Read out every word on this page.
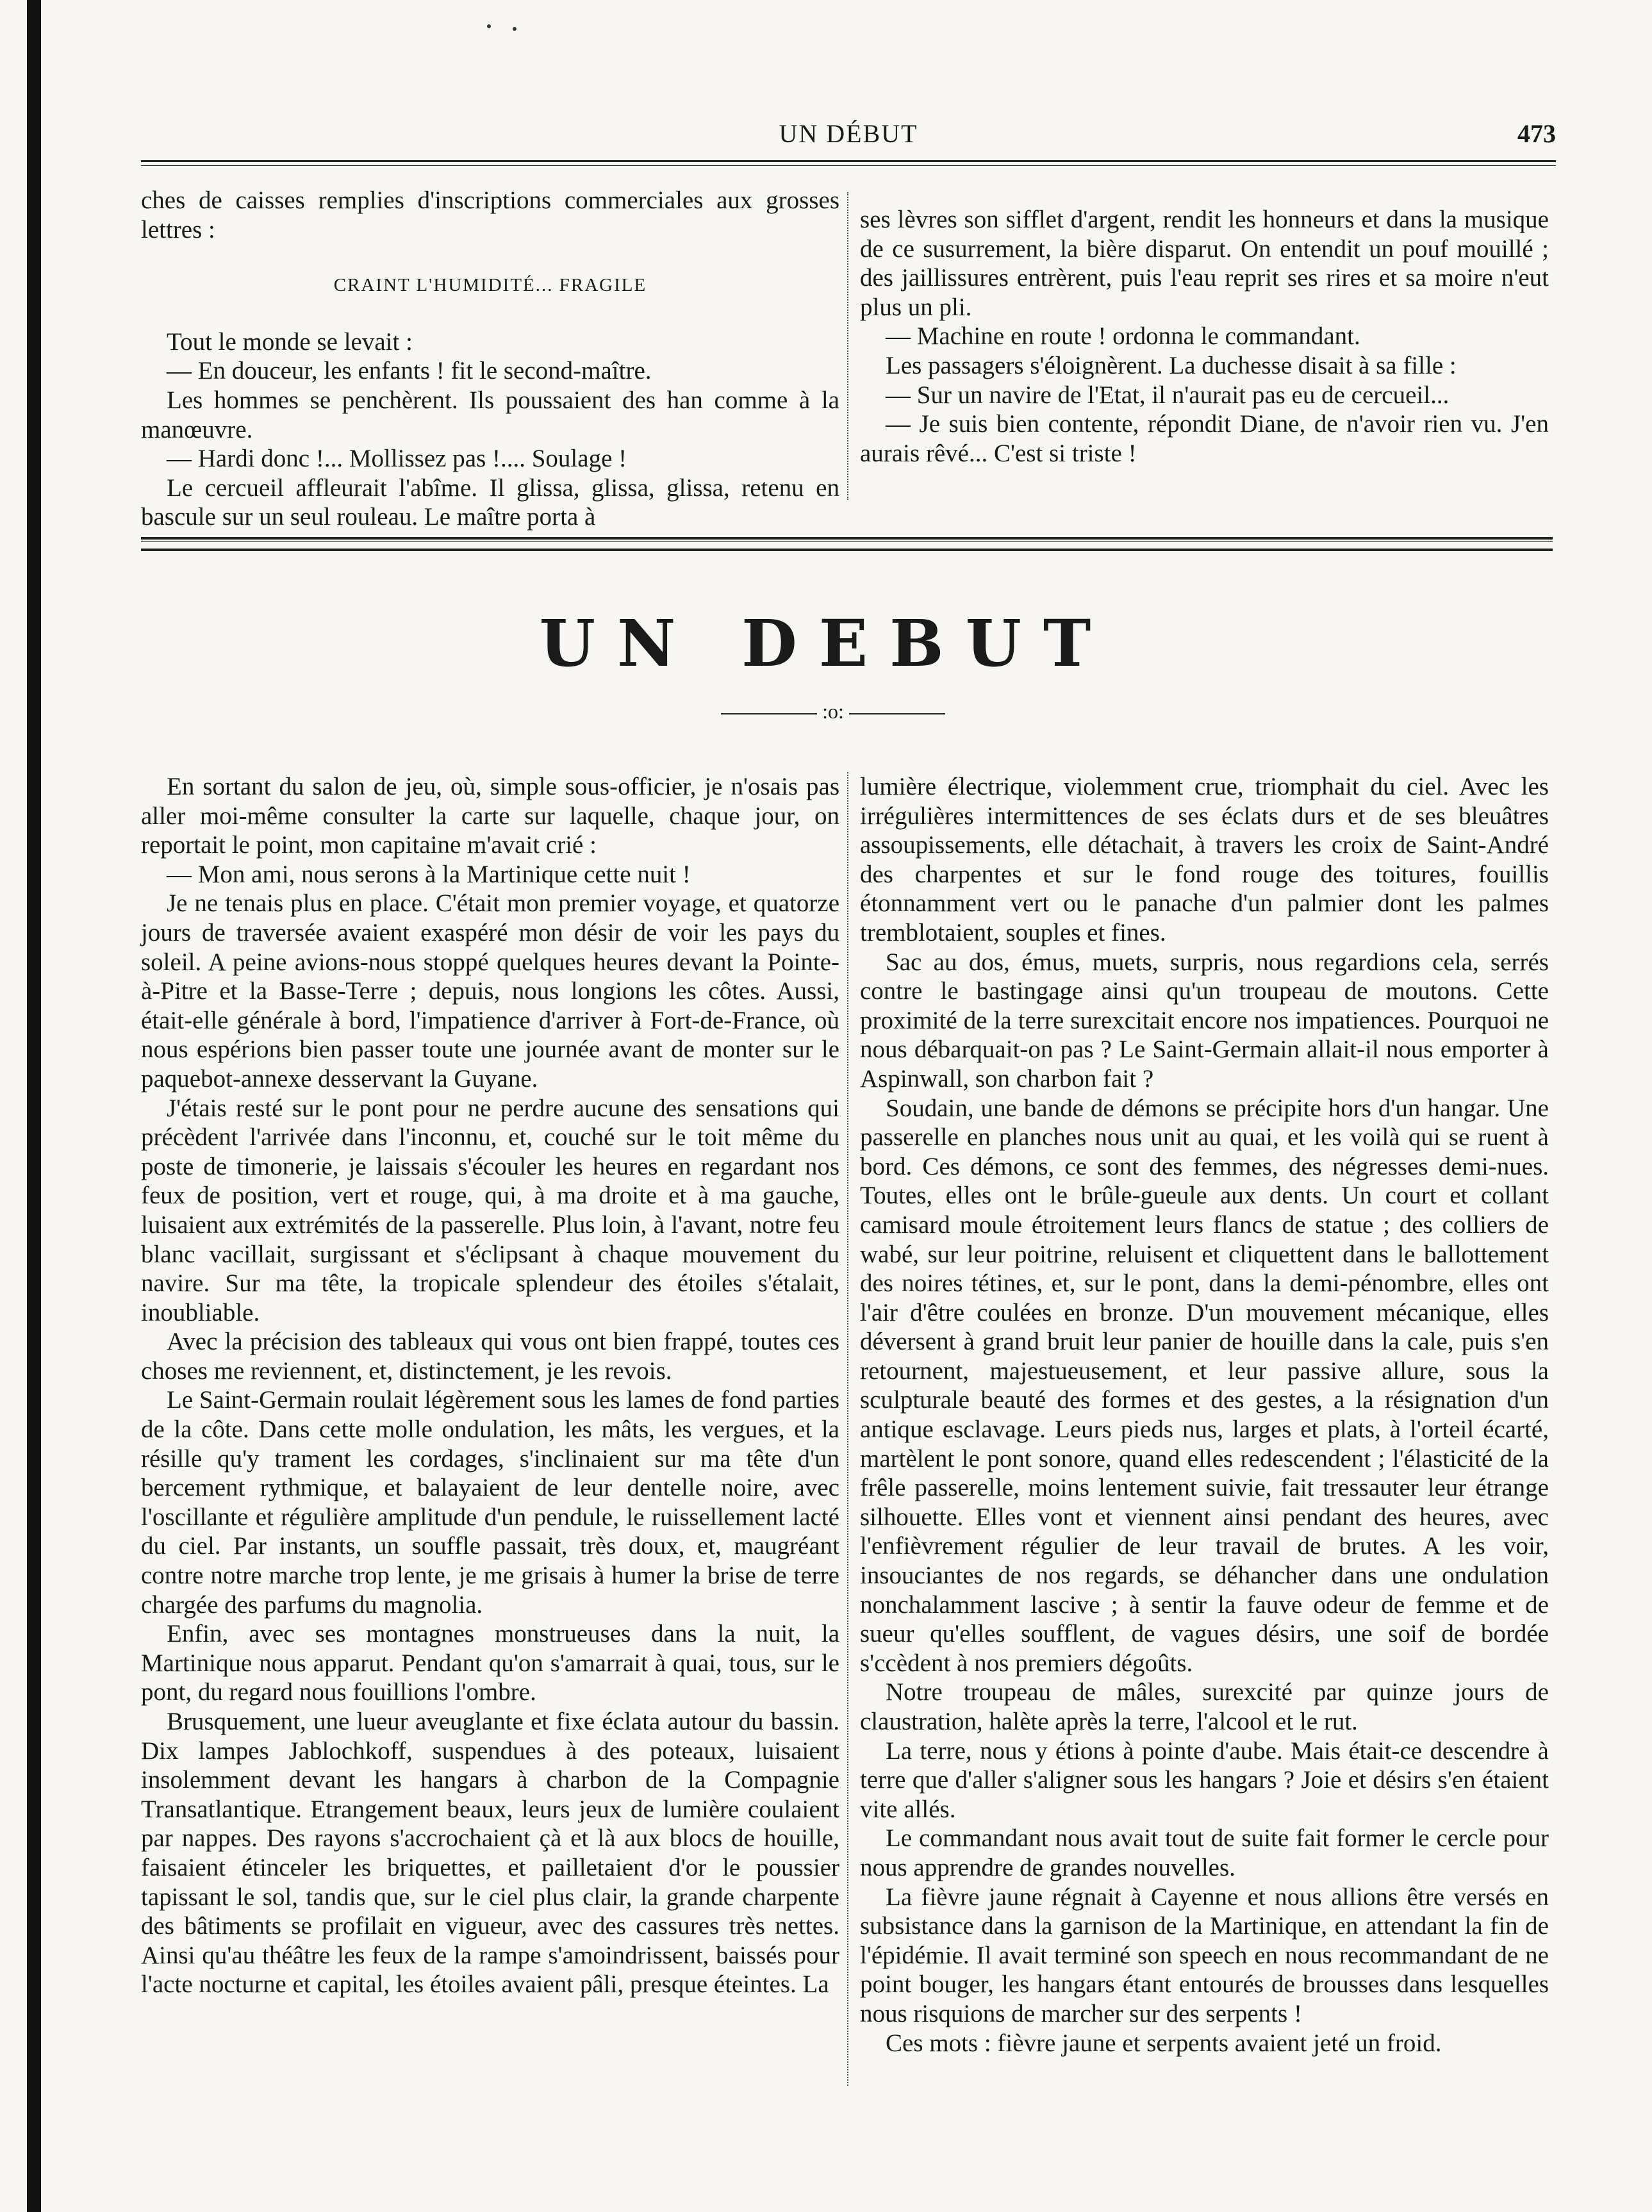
UN DÉBUT	473

ches de caisses remplies d'inscriptions commerciales aux grosses lettres :

CRAINT L'HUMIDITÉ... FRAGILE

Tout le monde se levait :

— En douceur, les enfants ! fit le second-maître.

Les hommes se penchèrent. Ils poussaient des han comme à la manœuvre.

— Hardi donc !... Mollissez pas !.... Soulage !

Le cercueil affleurait l'abîme. Il glissa, glissa, glissa, retenu en bascule sur un seul rouleau. Le maître porta à

ses lèvres son sifflet d'argent, rendit les honneurs et dans la musique de ce susurrement, la bière disparut. On entendit un pouf mouillé ; des jaillissures entrèrent, puis l'eau reprit ses rires et sa moire n'eut plus un pli.

— Machine en route ! ordonna le commandant.

Les passagers s'éloignèrent. La duchesse disait à sa fille :

— Sur un navire de l'Etat, il n'aurait pas eu de cercueil...

— Je suis bien contente, répondit Diane, de n'avoir rien vu. J'en aurais rêvé... C'est si triste !

UN DEBUT
:o:

En sortant du salon de jeu, où, simple sous-officier, je n'osais pas aller moi-même consulter la carte sur laquelle, chaque jour, on reportait le point, mon capitaine m'avait crié :

— Mon ami, nous serons à la Martinique cette nuit !

Je ne tenais plus en place. C'était mon premier voyage, et quatorze jours de traversée avaient exaspéré mon désir de voir les pays du soleil. A peine avions-nous stoppé quelques heures devant la Pointe-à-Pitre et la Basse-Terre ; depuis, nous longions les côtes. Aussi, était-elle générale à bord, l'impatience d'arriver à Fort-de-France, où nous espérions bien passer toute une journée avant de monter sur le paquebot-annexe desservant la Guyane.

J'étais resté sur le pont pour ne perdre aucune des sensations qui précèdent l'arrivée dans l'inconnu, et, couché sur le toit même du poste de timonerie, je laissais s'écouler les heures en regardant nos feux de position, vert et rouge, qui, à ma droite et à ma gauche, luisaient aux extrémités de la passerelle. Plus loin, à l'avant, notre feu blanc vacillait, surgissant et s'éclipsant à chaque mouvement du navire. Sur ma tête, la tropicale splendeur des étoiles s'étalait, inoubliable.

Avec la précision des tableaux qui vous ont bien frappé, toutes ces choses me reviennent, et, distinctement, je les revois.

Le Saint-Germain roulait légèrement sous les lames de fond parties de la côte. Dans cette molle ondulation, les mâts, les vergues, et la résille qu'y trament les cordages, s'inclinaient sur ma tête d'un bercement rythmique, et balayaient de leur dentelle noire, avec l'oscillante et régulière amplitude d'un pendule, le ruissellement lacté du ciel. Par instants, un souffle passait, très doux, et, maugréant contre notre marche trop lente, je me grisais à humer la brise de terre chargée des parfums du magnolia.

Enfin, avec ses montagnes monstrueuses dans la nuit, la Martinique nous apparut. Pendant qu'on s'amarrait à quai, tous, sur le pont, du regard nous fouillions l'ombre.

Brusquement, une lueur aveuglante et fixe éclata autour du bassin. Dix lampes Jablochkoff, suspendues à des poteaux, luisaient insolemment devant les hangars à charbon de la Compagnie Transatlantique. Etrangement beaux, leurs jeux de lumière coulaient par nappes. Des rayons s'accrochaient çà et là aux blocs de houille, faisaient étinceler les briquettes, et pailletaient d'or le poussier tapissant le sol, tandis que, sur le ciel plus clair, la grande charpente des bâtiments se profilait en vigueur, avec des cassures très nettes. Ainsi qu'au théâtre les feux de la rampe s'amoindrissent, baissés pour l'acte nocturne et capital, les étoiles avaient pâli, presque éteintes. La

lumière électrique, violemment crue, triomphait du ciel. Avec les irrégulières intermittences de ses éclats durs et de ses bleuâtres assoupissements, elle détachait, à travers les croix de Saint-André des charpentes et sur le fond rouge des toitures, fouillis étonnamment vert ou le panache d'un palmier dont les palmes tremblotaient, souples et fines.

Sac au dos, émus, muets, surpris, nous regardions cela, serrés contre le bastingage ainsi qu'un troupeau de moutons. Cette proximité de la terre surexcitait encore nos impatiences. Pourquoi ne nous débarquait-on pas ? Le Saint-Germain allait-il nous emporter à Aspinwall, son charbon fait ?

Soudain, une bande de démons se précipite hors d'un hangar. Une passerelle en planches nous unit au quai, et les voilà qui se ruent à bord. Ces démons, ce sont des femmes, des négresses demi-nues. Toutes, elles ont le brûle-gueule aux dents. Un court et collant camisard moule étroitement leurs flancs de statue ; des colliers de wabé, sur leur poitrine, reluisent et cliquettent dans le ballottement des noires tétines, et, sur le pont, dans la demi-pénombre, elles ont l'air d'être coulées en bronze. D'un mouvement mécanique, elles déversent à grand bruit leur panier de houille dans la cale, puis s'en retournent, majestueusement, et leur passive allure, sous la sculpturale beauté des formes et des gestes, a la résignation d'un antique esclavage. Leurs pieds nus, larges et plats, à l'orteil écarté, martèlent le pont sonore, quand elles redescendent ; l'élasticité de la frêle passerelle, moins lentement suivie, fait tressauter leur étrange silhouette. Elles vont et viennent ainsi pendant des heures, avec l'enfièvrement régulier de leur travail de brutes. A les voir, insouciantes de nos regards, se déhancher dans une ondulation nonchalamment lascive ; à sentir la fauve odeur de femme et de sueur qu'elles soufflent, de vagues désirs, une soif de bordée s'ccèdent à nos premiers dégoûts.

Notre troupeau de mâles, surexcité par quinze jours de claustration, halète après la terre, l'alcool et le rut.

La terre, nous y étions à pointe d'aube. Mais était-ce descendre à terre que d'aller s'aligner sous les hangars ? Joie et désirs s'en étaient vite allés.

Le commandant nous avait tout de suite fait former le cercle pour nous apprendre de grandes nouvelles.

La fièvre jaune régnait à Cayenne et nous allions être versés en subsistance dans la garnison de la Martinique, en attendant la fin de l'épidémie. Il avait terminé son speech en nous recommandant de ne point bouger, les hangars étant entourés de brousses dans lesquelles nous risquions de marcher sur des serpents !

Ces mots : fièvre jaune et serpents avaient jeté un froid.
